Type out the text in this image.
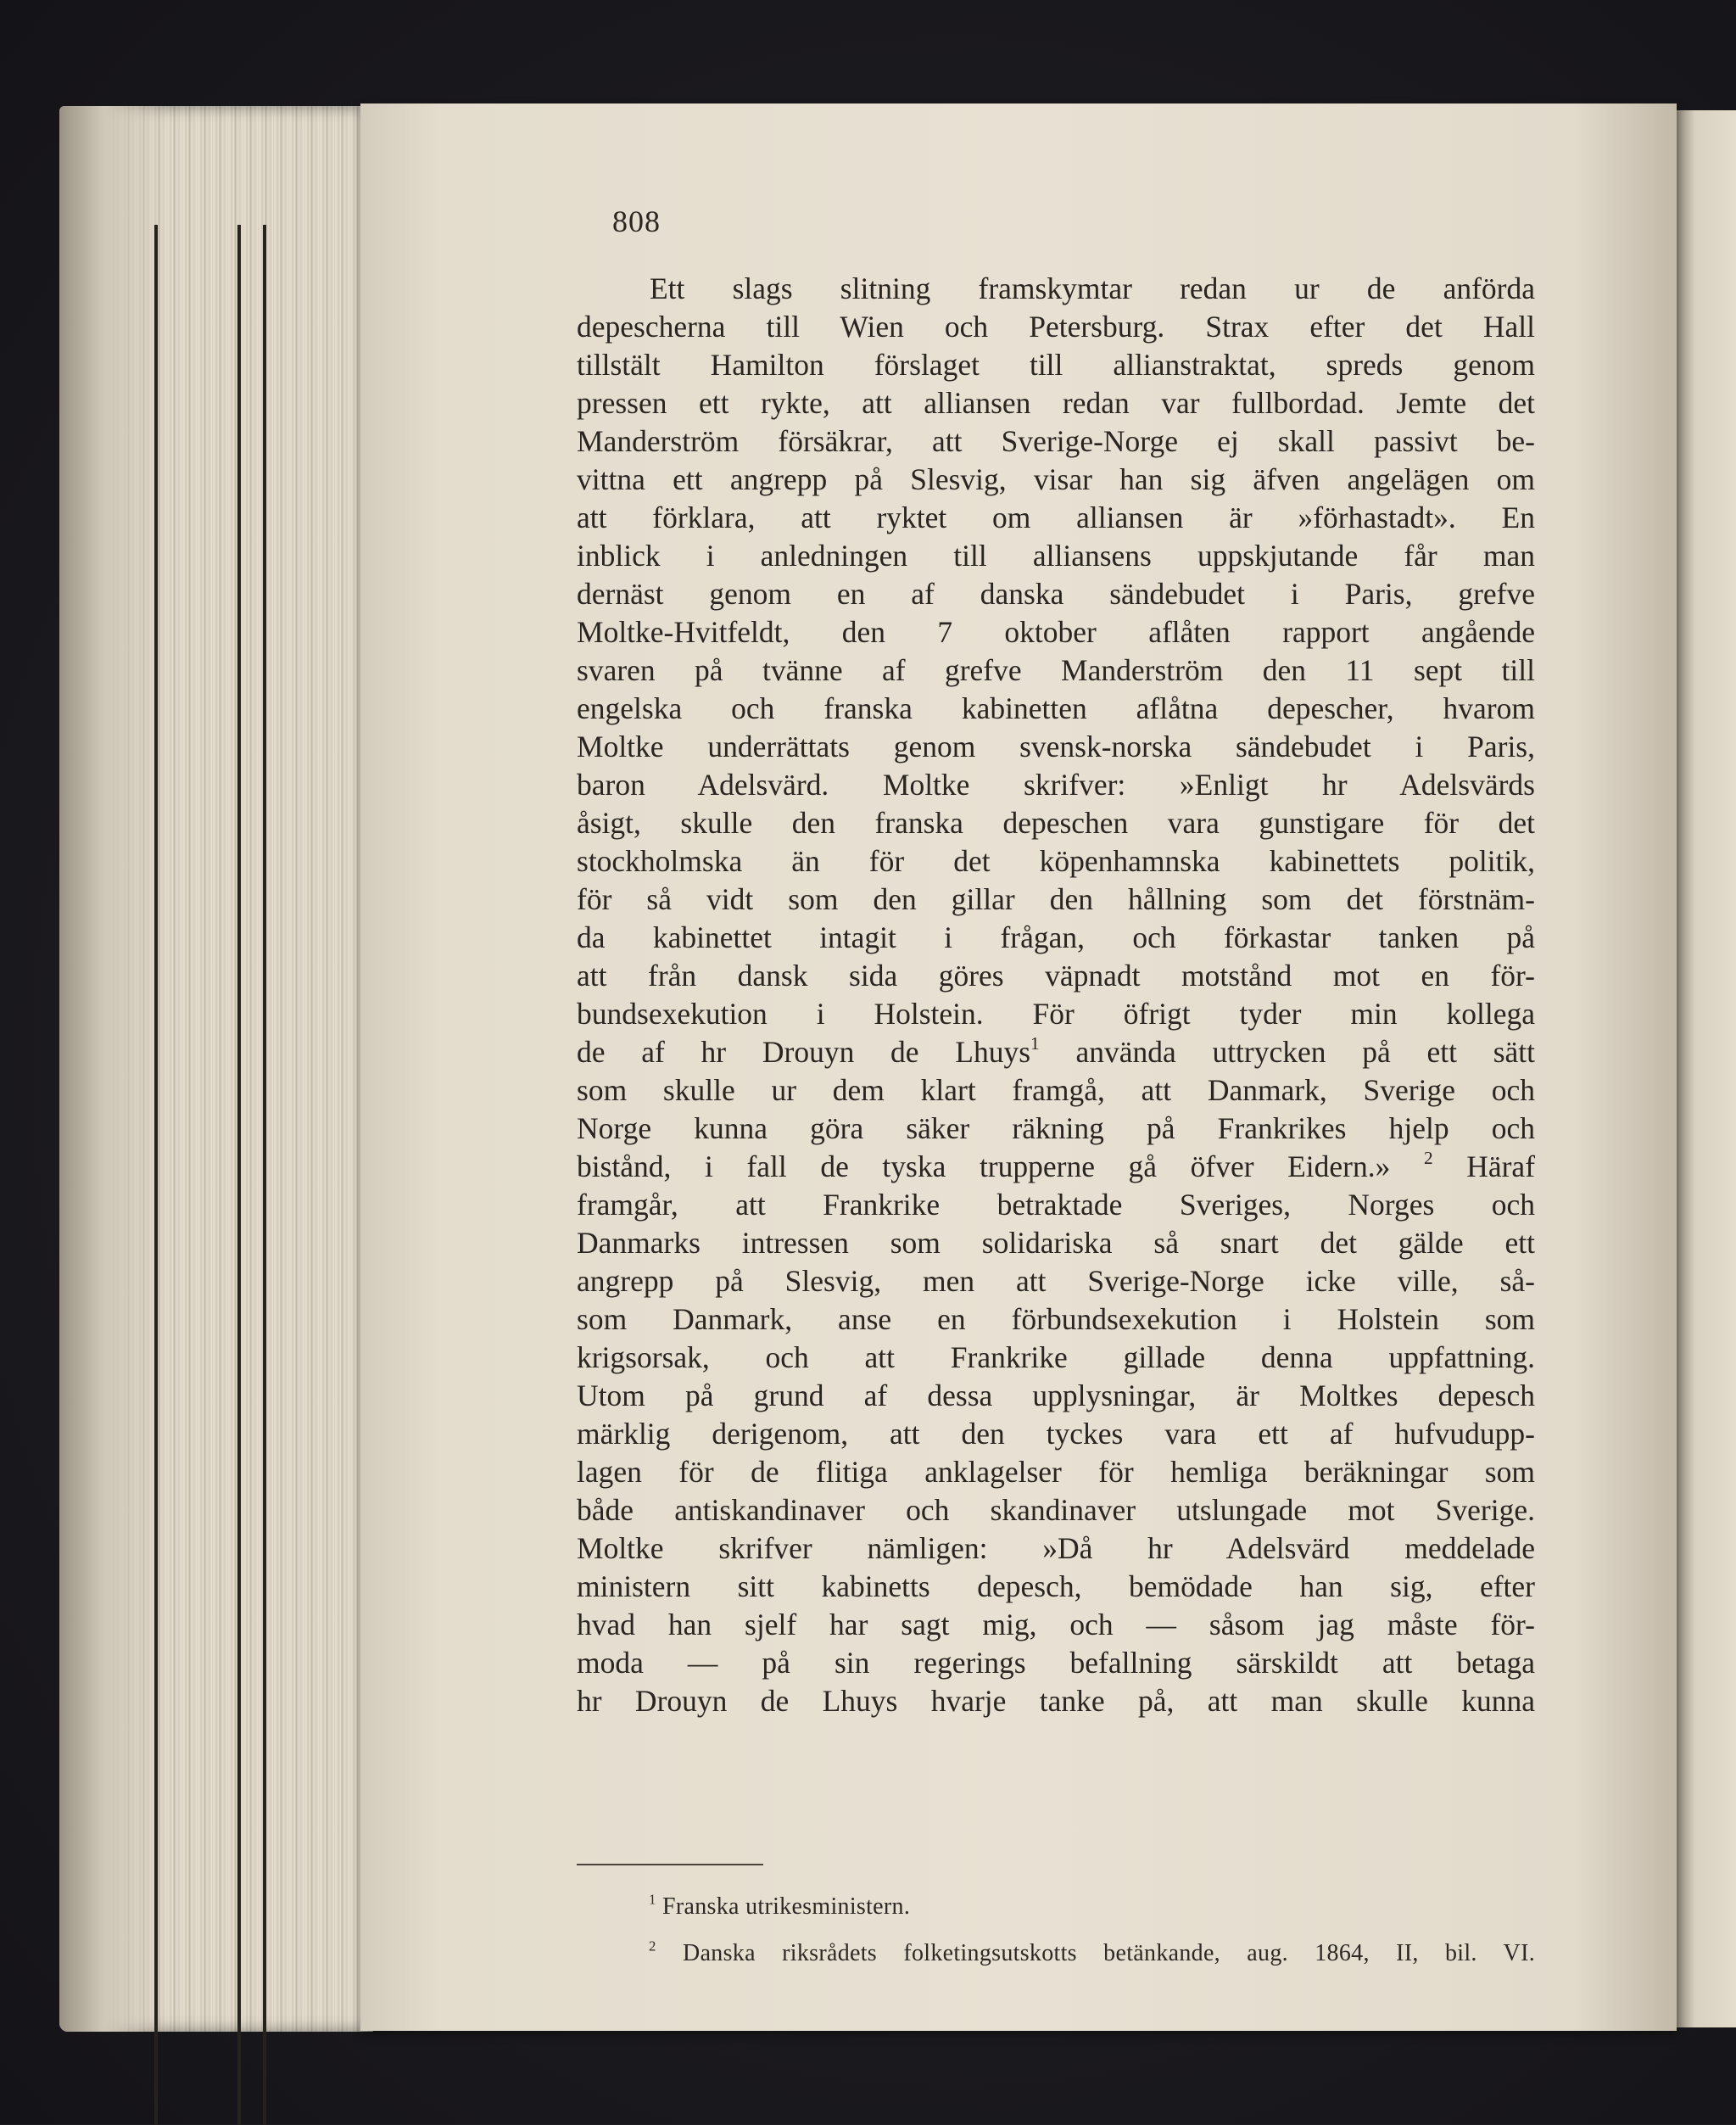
808
Ett slags slitning framskymtar redan ur de anförda
depescherna till Wien och Petersburg. Strax efter det Hall
tillstält Hamilton förslaget till allianstraktat, spreds genom
pressen ett rykte, att alliansen redan var fullbordad. Jemte det
Manderström försäkrar, att Sverige-Norge ej skall passivt be-
vittna ett angrepp på Slesvig, visar han sig äfven angelägen om
att förklara, att ryktet om alliansen är »förhastadt». En
inblick i anledningen till alliansens uppskjutande får man
dernäst genom en af danska sändebudet i Paris, grefve
Moltke-Hvitfeldt, den 7 oktober aflåten rapport angående
svaren på tvänne af grefve Manderström den 11 sept till
engelska och franska kabinetten aflåtna depescher, hvarom
Moltke underrättats genom svensk-norska sändebudet i Paris,
baron Adelsvärd. Moltke skrifver: »Enligt hr Adelsvärds
åsigt, skulle den franska depeschen vara gunstigare för det
stockholmska än för det köpenhamnska kabinettets politik,
för så vidt som den gillar den hållning som det förstnäm-
da kabinettet intagit i frågan, och förkastar tanken på
att från dansk sida göres väpnadt motstånd mot en för-
bundsexekution i Holstein. För öfrigt tyder min kollega
de af hr Drouyn de Lhuys$^1$ använda uttrycken på ett sätt
som skulle ur dem klart framgå, att Danmark, Sverige och
Norge kunna göra säker räkning på Frankrikes hjelp och
bistånd, i fall de tyska trupperne gå öfver Eidern.» $^2$ Häraf
framgår, att Frankrike betraktade Sveriges, Norges och
Danmarks intressen som solidariska så snart det gälde ett
angrepp på Slesvig, men att Sverige-Norge icke ville, så-
som Danmark, anse en förbundsexekution i Holstein som
krigsorsak, och att Frankrike gillade denna uppfattning.
Utom på grund af dessa upplysningar, är Moltkes depesch
märklig derigenom, att den tyckes vara ett af hufvudupp-
lagen för de flitiga anklagelser för hemliga beräkningar som
både antiskandinaver och skandinaver utslungade mot Sverige.
Moltke skrifver nämligen: »Då hr Adelsvärd meddelade
ministern sitt kabinetts depesch, bemödade han sig, efter
hvad han sjelf har sagt mig, och — såsom jag måste för-
moda — på sin regerings befallning särskildt att betaga
hr Drouyn de Lhuys hvarje tanke på, att man skulle kunna
$^1$ Franska utrikesministern.
$^2$ Danska riksrådets folketingsutskotts betänkande, aug. 1864, II, bil. VI.
